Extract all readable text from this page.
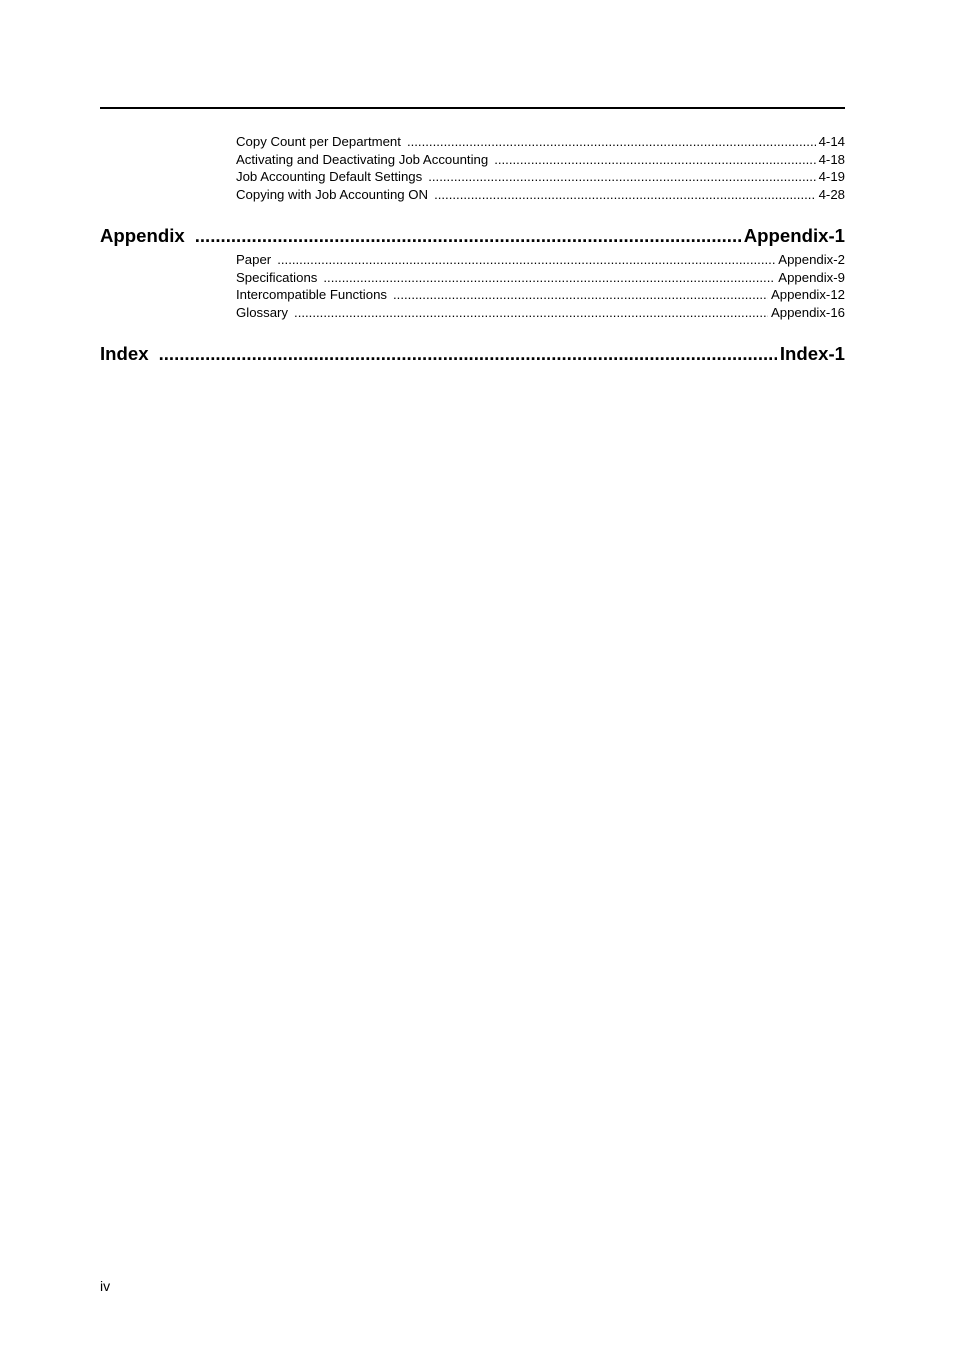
Copy Count per Department .....	4-14
Activating and Deactivating Job Accounting .....	4-18
Job Accounting Default Settings .....	4-19
Copying with Job Accounting ON .....	4-28
Appendix .....	Appendix-1
Paper .....	Appendix-2
Specifications .....	Appendix-9
Intercompatible Functions .....	Appendix-12
Glossary .....	Appendix-16
Index .....	Index-1
iv
